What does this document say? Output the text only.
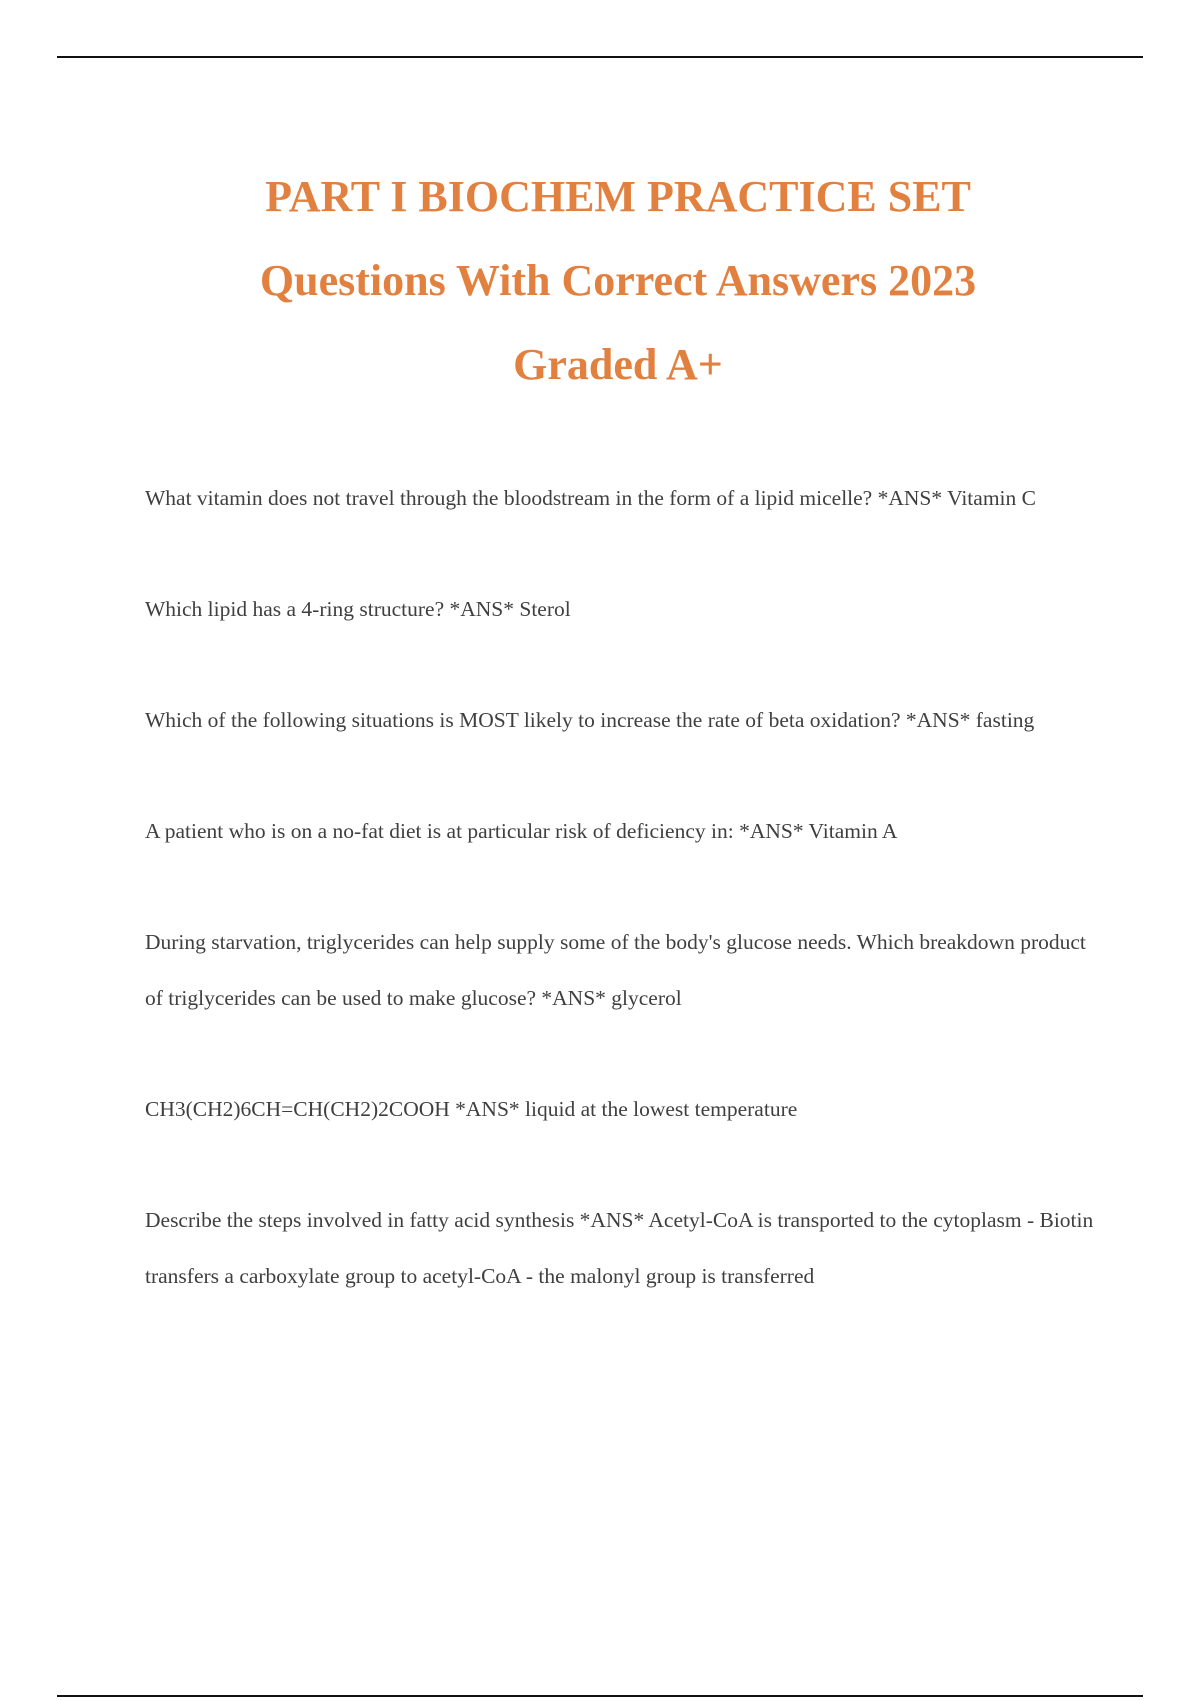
PART I BIOCHEM PRACTICE SET
Questions With Correct Answers 2023
Graded A+

What vitamin does not travel through the bloodstream in the form of a lipid micelle? *ANS* Vitamin C

Which lipid has a 4-ring structure? *ANS* Sterol

Which of the following situations is MOST likely to increase the rate of beta oxidation? *ANS* fasting

A patient who is on a no-fat diet is at particular risk of deficiency in: *ANS* Vitamin A

During starvation, triglycerides can help supply some of the body's glucose needs. Which breakdown product of triglycerides can be used to make glucose? *ANS* glycerol

CH3(CH2)6CH=CH(CH2)2COOH *ANS* liquid at the lowest temperature

Describe the steps involved in fatty acid synthesis *ANS* Acetyl-CoA is transported to the cytoplasm - Biotin transfers a carboxylate group to acetyl-CoA - the malonyl group is transferred
